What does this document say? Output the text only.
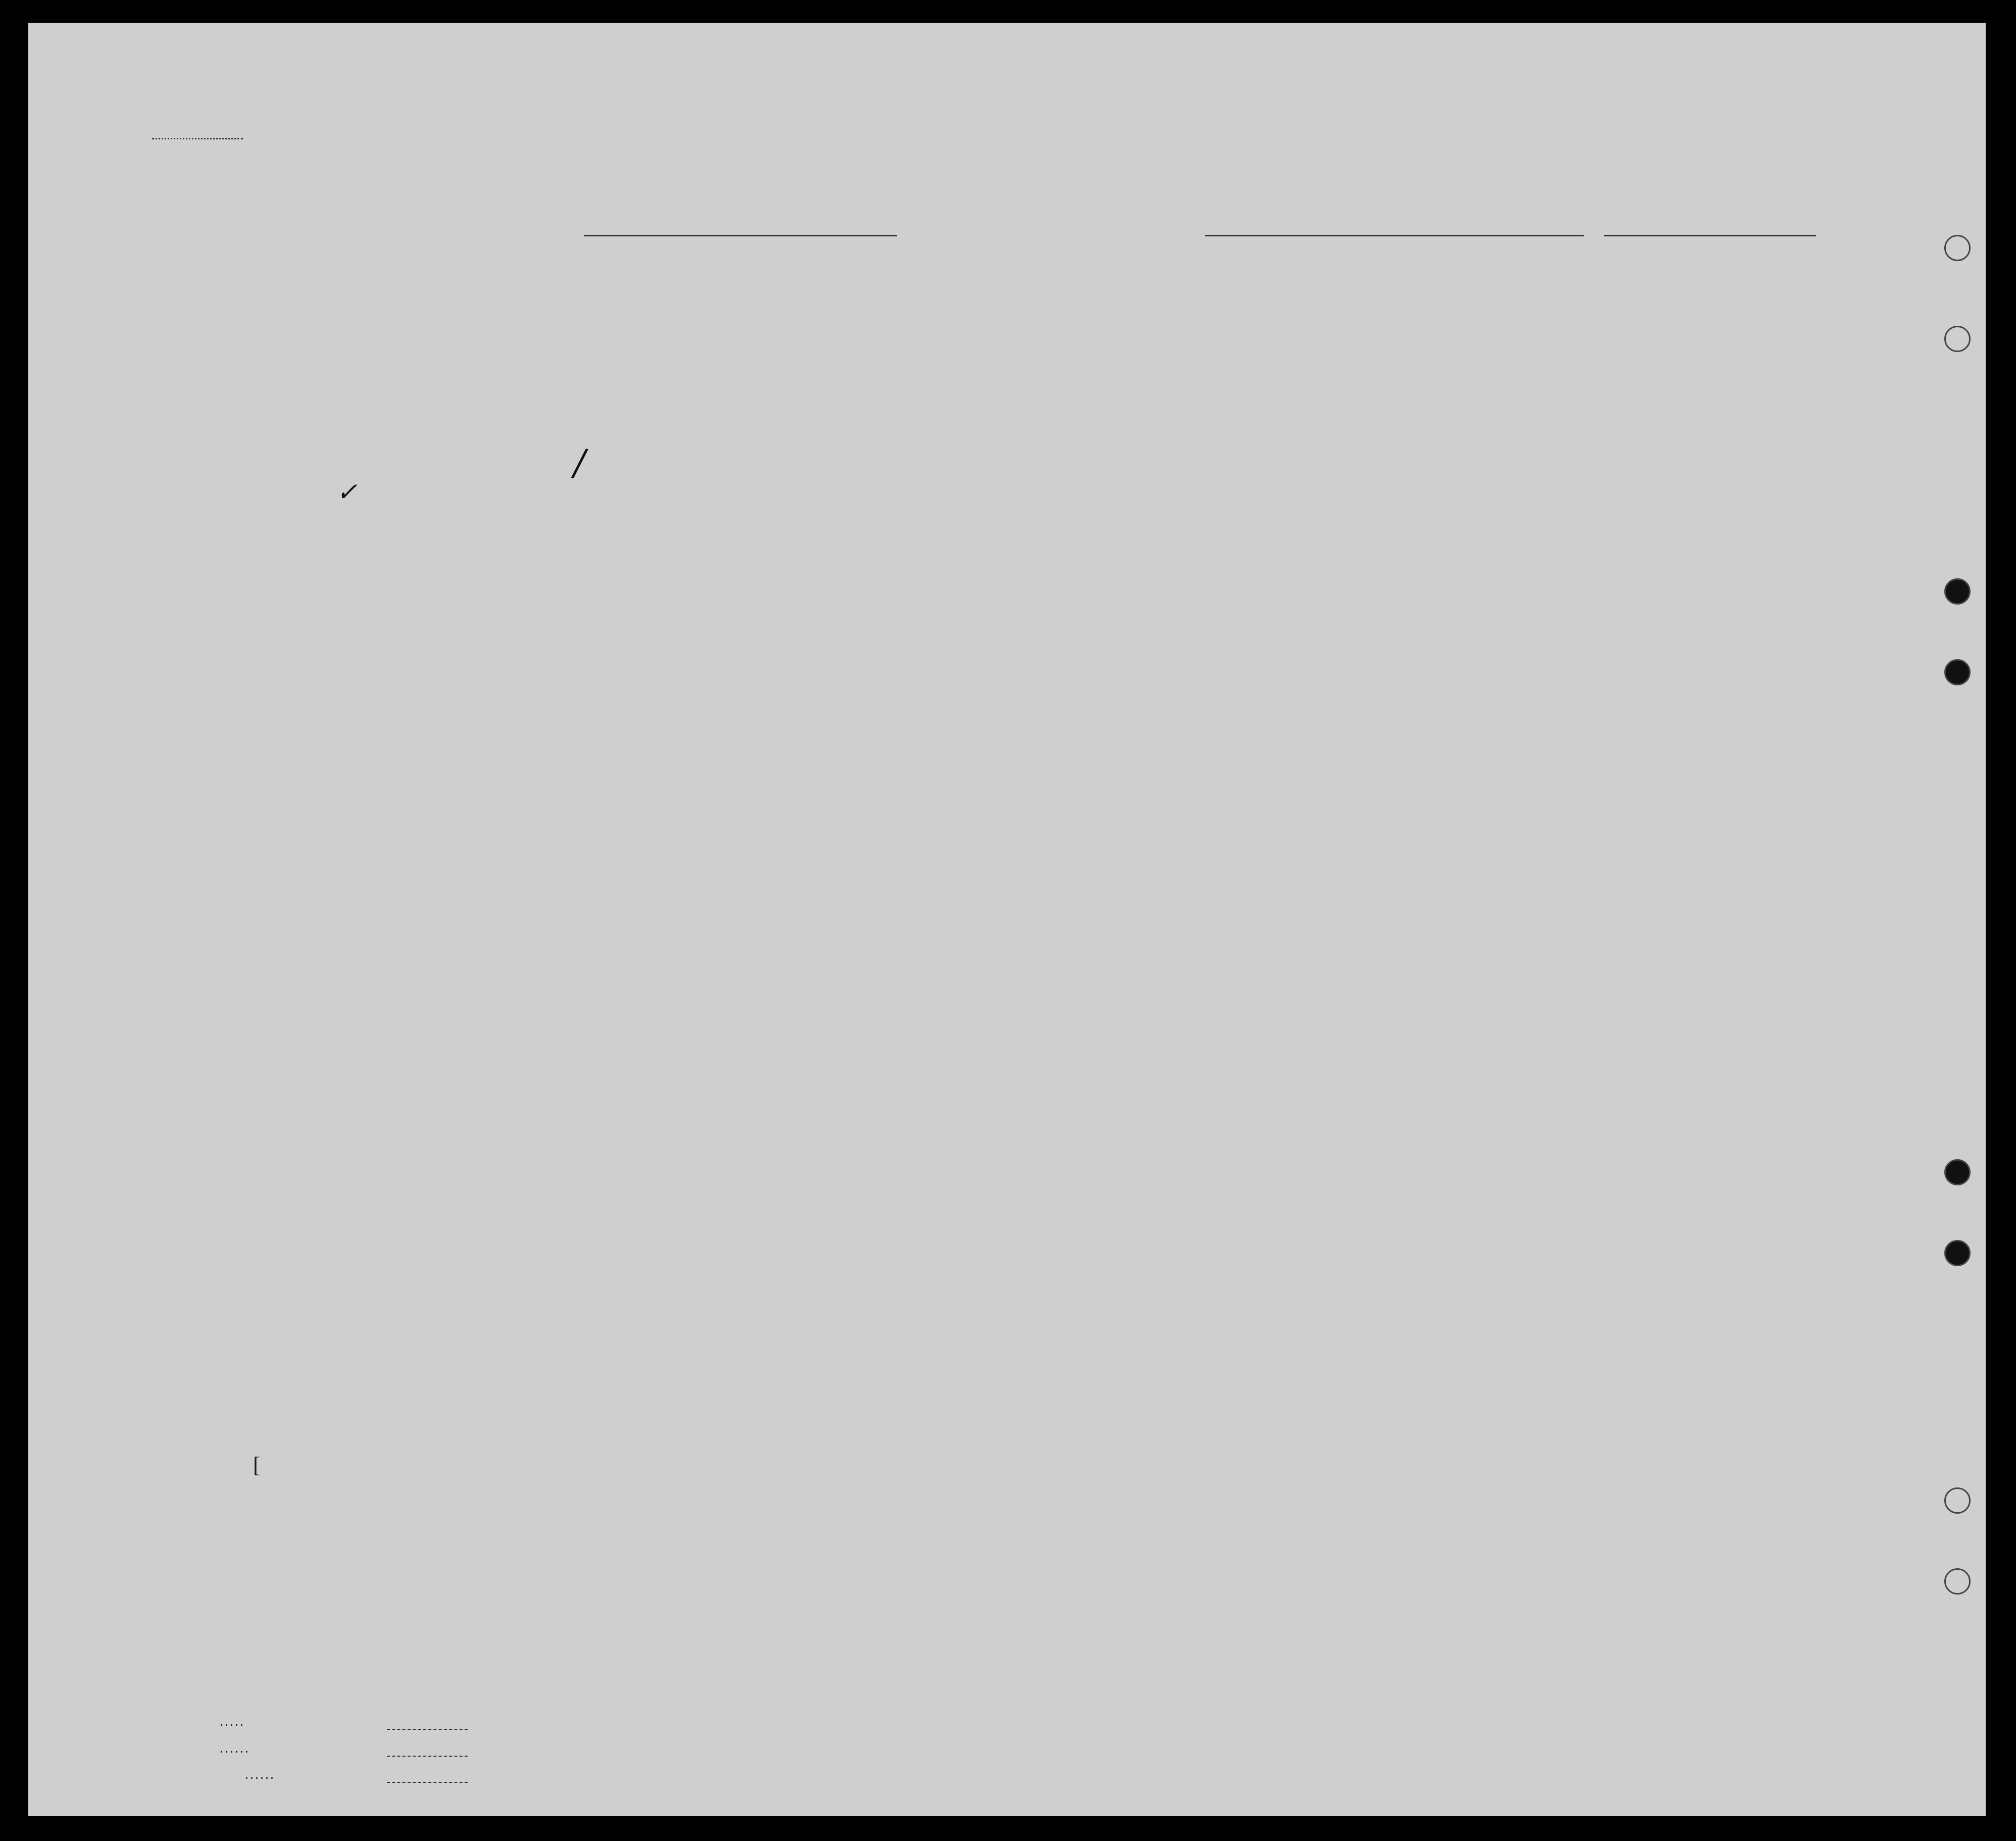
✓
/
[
. . . . .
. . . . . .
. . . . . .
